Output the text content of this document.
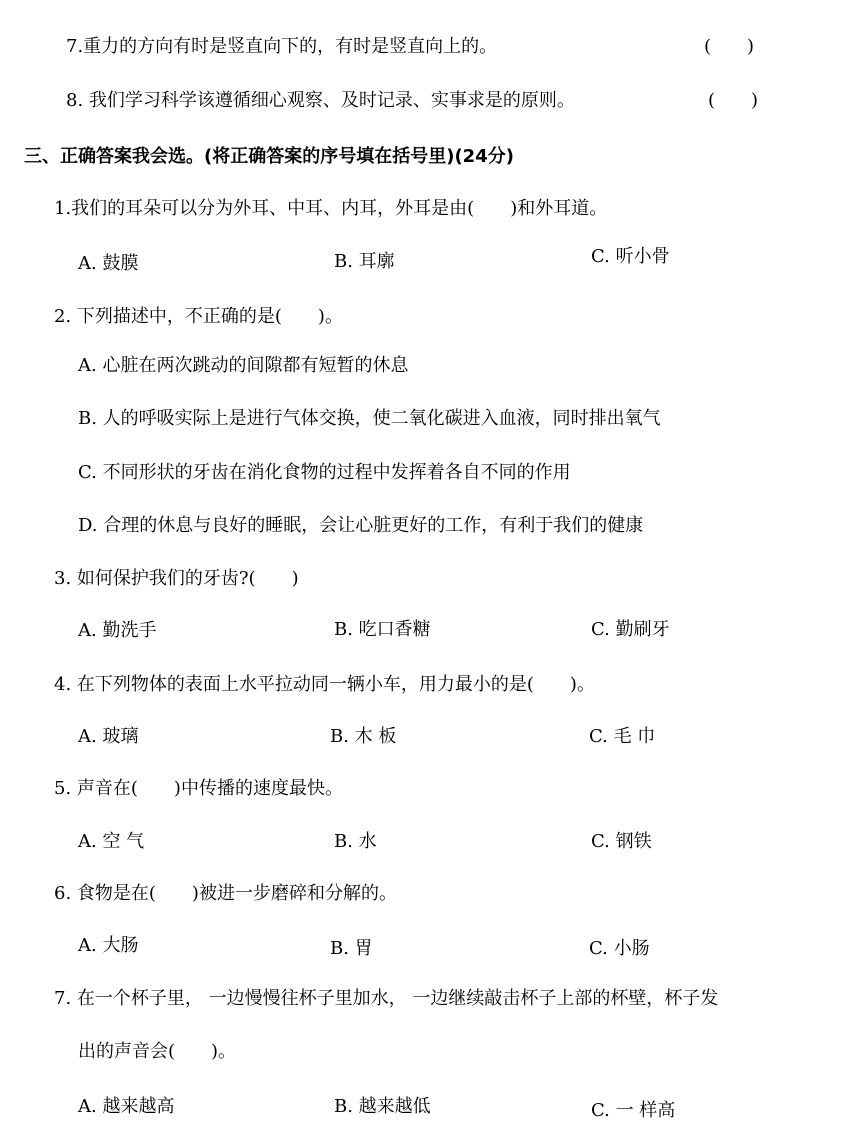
7.重力的方向有时是竖直向下的，有时是竖直向上的。	(　　)
8. 我们学习科学该遵循细心观察、及时记录、实事求是的原则。	(　　)
三、正确答案我会选。(将正确答案的序号填在括号里)(24分)
1.我们的耳朵可以分为外耳、中耳、内耳，外耳是由(　　)和外耳道。
A. 鼓膜	B. 耳廓	C. 听小骨
2. 下列描述中，不正确的是(　　)。
A. 心脏在两次跳动的间隙都有短暂的休息
B. 人的呼吸实际上是进行气体交换，使二氧化碳进入血液，同时排出氧气
C. 不同形状的牙齿在消化食物的过程中发挥着各自不同的作用
D. 合理的休息与良好的睡眠，会让心脏更好的工作，有利于我们的健康
3. 如何保护我们的牙齿?(　　)
A. 勤洗手	B. 吃口香糖	C. 勤刷牙
4. 在下列物体的表面上水平拉动同一辆小车，用力最小的是(　　)。
A. 玻璃	B. 木 板	C. 毛 巾
5. 声音在(　　)中传播的速度最快。
A. 空 气	B. 水	C. 钢铁
6. 食物是在(　　)被进一步磨碎和分解的。
A. 大肠	B. 胃	C. 小肠
7. 在一个杯子里， 一边慢慢往杯子里加水， 一边继续敲击杯子上部的杯壁，杯子发
出的声音会(　　)。
A. 越来越高	B. 越来越低	C. 一 样高
